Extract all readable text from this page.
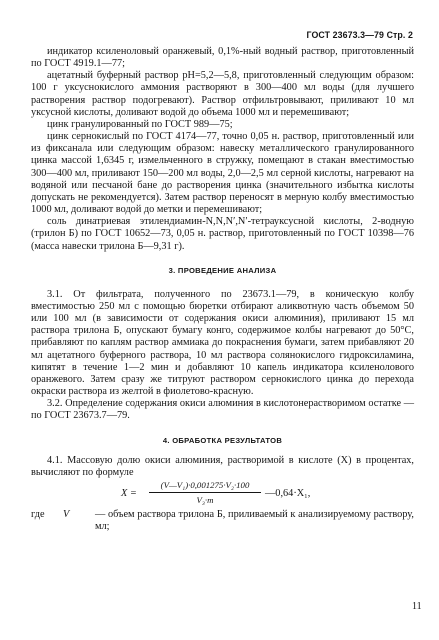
ГОСТ 23673.3—79 Стр. 2

индикатор ксиленоловый оранжевый, 0,1%-ный водный раствор, приготовленный по ГОСТ 4919.1—77;

ацетатный буферный раствор рН=5,2—5,8, приготовленный следующим образом: 100 г уксуснокислого аммония растворяют в 300—400 мл воды (для лучшего растворения раствор подогревают). Раствор отфильтровывают, приливают 10 мл уксусной кислоты, доливают водой до объема 1000 мл и перемешивают;

цинк гранулированный по ГОСТ 989—75;

цинк сернокислый по ГОСТ 4174—77, точно 0,05 н. раствор, приготовленный или из фиксанала или следующим образом: навеску металлического гранулированного цинка массой 1,6345 г, измельченного в стружку, помещают в стакан вместимостью 300—400 мл, приливают 150—200 мл воды, 2,0—2,5 мл серной кислоты, нагревают на водяной или песчаной бане до растворения цинка (значительного избытка кислоты допускать не рекомендуется). Затем раствор переносят в мерную колбу вместимостью 1000 мл, доливают водой до метки и перемешивают;

соль динатриевая этилендиамин-N,N,N′,N′-тетрауксусной кислоты, 2-водную (трилон Б) по ГОСТ 10652—73, 0,05 н. раствор, приготовленный по ГОСТ 10398—76 (масса навески трилона Б—9,31 г).

3. ПРОВЕДЕНИЕ АНАЛИЗА

3.1. От фильтрата, полученного по 23673.1—79, в коническую колбу вместимостью 250 мл с помощью бюретки отбирают аликвотную часть объемом 50 или 100 мл (в зависимости от содержания окиси алюминия), приливают 15 мл раствора трилона Б, опускают бумагу конго, содержимое колбы нагревают до 50°С, прибавляют по каплям раствор аммиака до покраснения бумаги, затем прибавляют 20 мл ацетатного буферного раствора, 10 мл раствора солянокислого гидроксиламина, кипятят в течение 1—2 мин и добавляют 10 капель индикатора ксиленолового оранжевого. Затем сразу же титруют раствором сернокислого цинка до перехода окраски раствора из желтой в фиолетово-красную.

3.2. Определение содержания окиси алюминия в кислотонерастворимом остатке — по ГОСТ 23673.7—79.

4. ОБРАБОТКА РЕЗУЛЬТАТОВ

4.1. Массовую долю окиси алюминия, растворимой в кислоте (X) в процентах, вычисляют по формуле

$X = \frac{\text{(V—V₁)·0,001275·V₂·100}}{\text{V₃·m}}$ —0,64·X₁,

где V — объем раствора трилона Б, приливаемый к анализируемому раствору, мл;

11
